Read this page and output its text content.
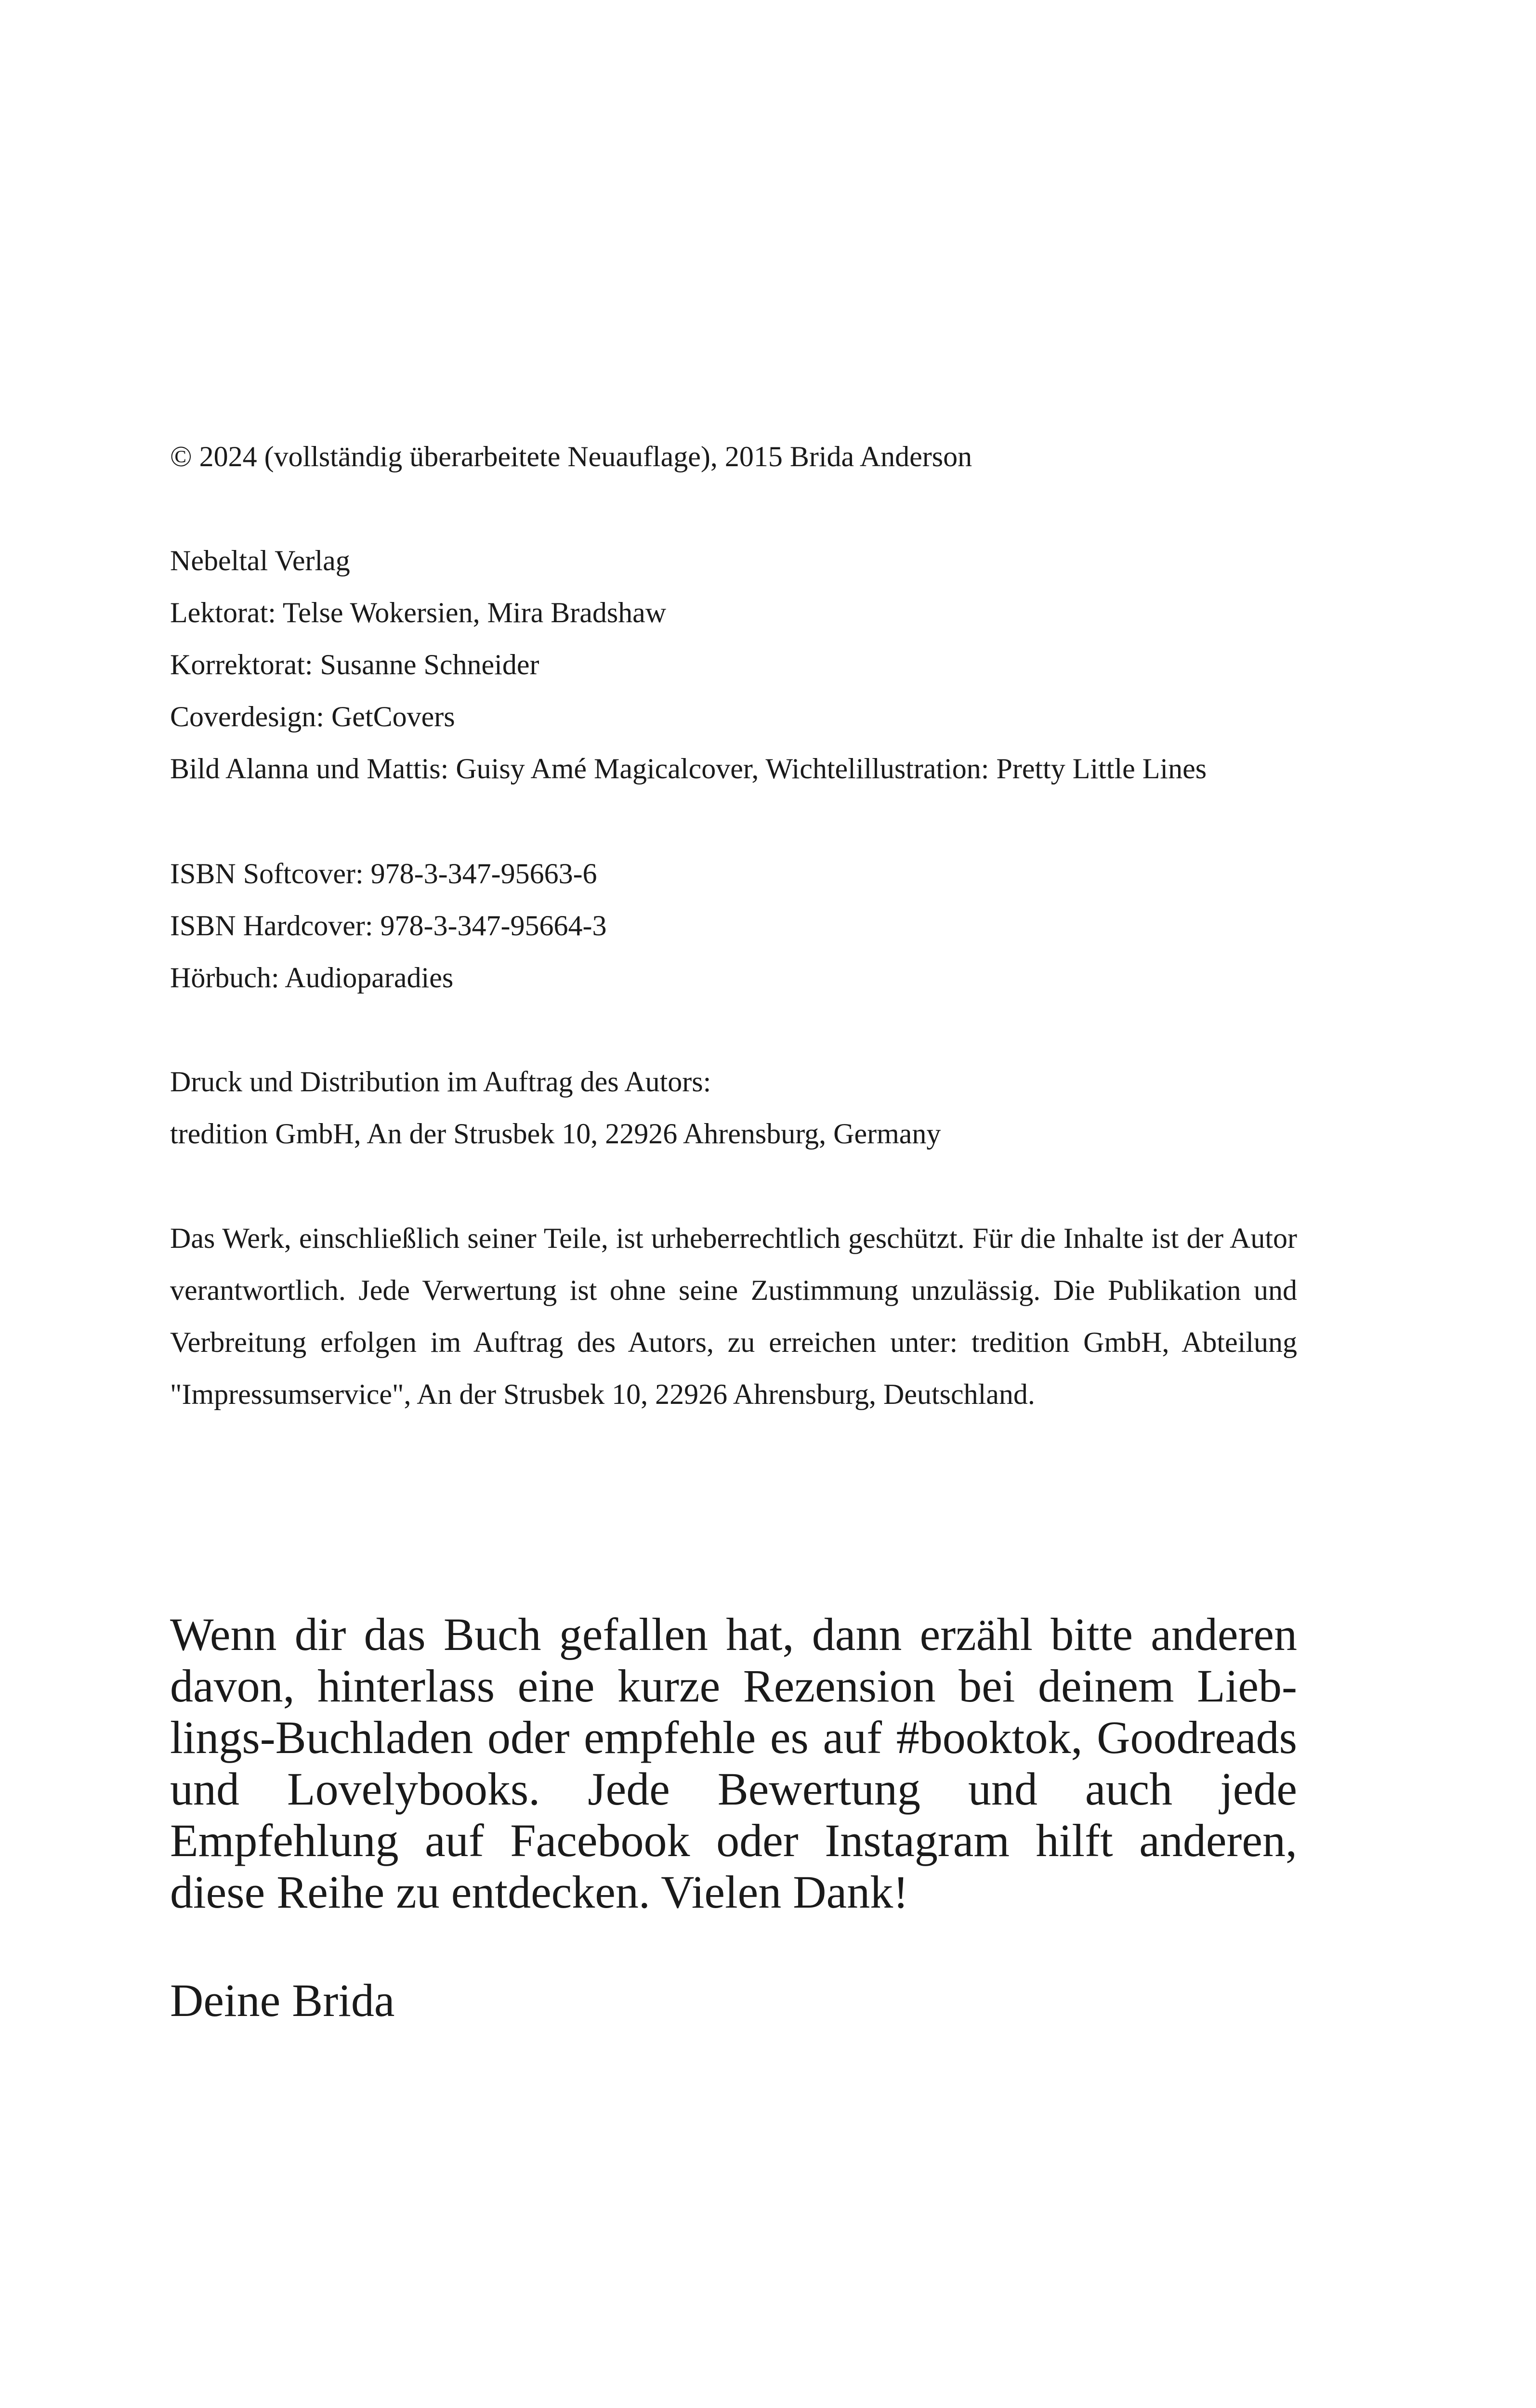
© 2024 (vollständig überarbeitete Neuauflage), 2015 Brida Anderson
Nebeltal Verlag
Lektorat: Telse Wokersien, Mira Bradshaw
Korrektorat: Susanne Schneider
Coverdesign: GetCovers
Bild Alanna und Mattis: Guisy Amé Magicalcover, Wichtelillustration: Pretty Little Lines
ISBN Softcover: 978-3-347-95663-6
ISBN Hardcover: 978-3-347-95664-3
Hörbuch: Audioparadies
Druck und Distribution im Auftrag des Autors:
tredition GmbH, An der Strusbek 10, 22926 Ahrensburg, Germany

Das Werk, einschließlich seiner Teile, ist urheberrechtlich geschützt. Für die Inhalte ist der Autor verantwortlich. Jede Verwertung ist ohne seine Zustimmung unzulässig. Die Publikation und Verbreitung erfolgen im Auftrag des Autors, zu erreichen unter: tredition GmbH, Abteilung "Impressumservice", An der Strusbek 10, 22926 Ahrensburg, Deutschland.

Wenn dir das Buch gefallen hat, dann erzähl bitte anderen davon, hinterlass eine kurze Rezension bei deinem Lieblings-Buchladen oder empfehle es auf #booktok, Goodreads und Lovelybooks. Jede Bewertung und auch jede Empfehlung auf Facebook oder Instagram hilft anderen, diese Reihe zu entdecken. Vielen Dank!

Deine Brida
